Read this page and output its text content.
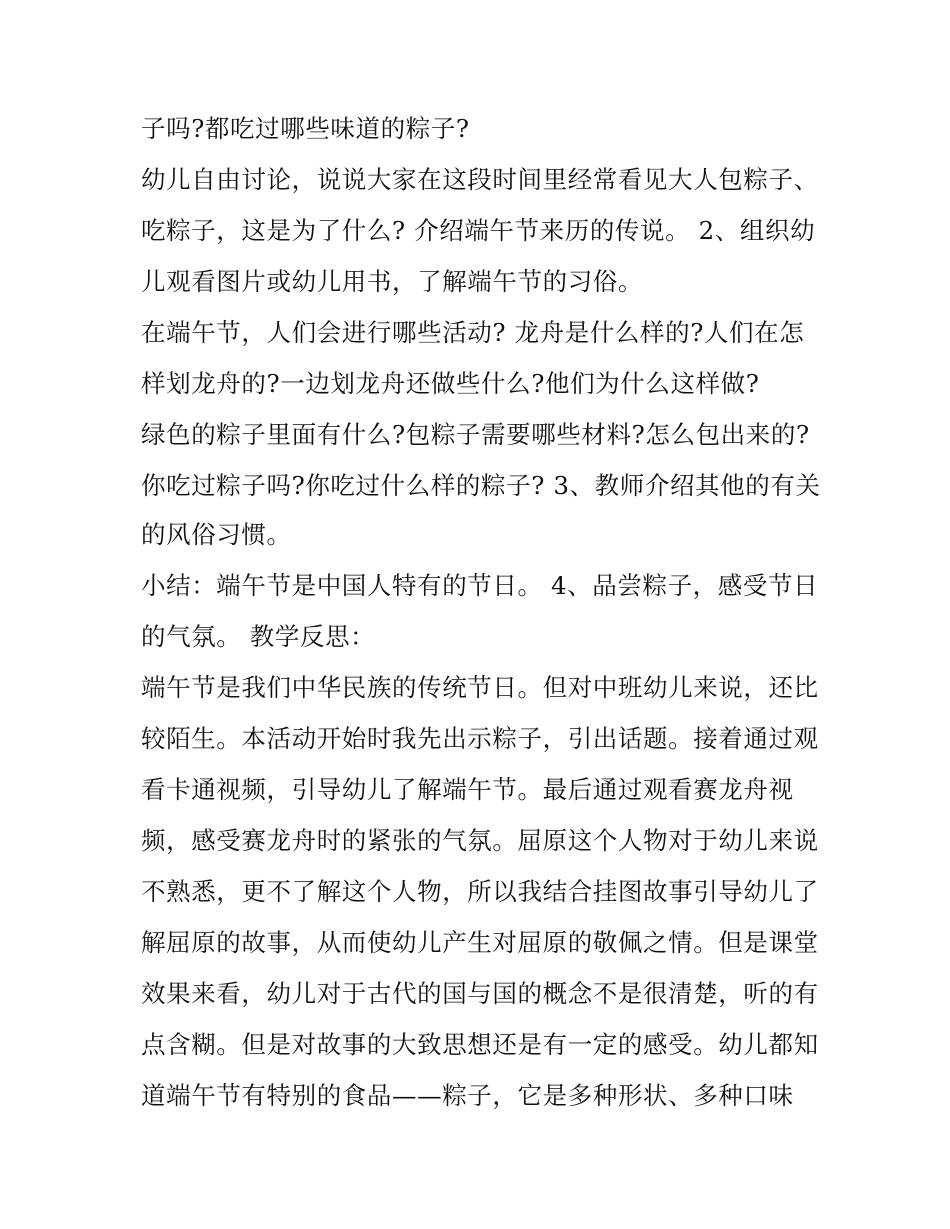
子吗?都吃过哪些味道的粽子?
幼儿自由讨论，说说大家在这段时间里经常看见大人包粽子、
吃粽子，这是为了什么? 介绍端午节来历的传说。 2、组织幼
儿观看图片或幼儿用书，了解端午节的习俗。
在端午节，人们会进行哪些活动? 龙舟是什么样的?人们在怎
样划龙舟的?一边划龙舟还做些什么?他们为什么这样做?
绿色的粽子里面有什么?包粽子需要哪些材料?怎么包出来的?
你吃过粽子吗?你吃过什么样的粽子? 3、教师介绍其他的有关
的风俗习惯。
小结：端午节是中国人特有的节日。 4、品尝粽子，感受节日
的气氛。 教学反思：
端午节是我们中华民族的传统节日。但对中班幼儿来说，还比
较陌生。本活动开始时我先出示粽子，引出话题。接着通过观
看卡通视频，引导幼儿了解端午节。最后通过观看赛龙舟视
频，感受赛龙舟时的紧张的气氛。屈原这个人物对于幼儿来说
不熟悉，更不了解这个人物，所以我结合挂图故事引导幼儿了
解屈原的故事，从而使幼儿产生对屈原的敬佩之情。但是课堂
效果来看，幼儿对于古代的国与国的概念不是很清楚，听的有
点含糊。但是对故事的大致思想还是有一定的感受。幼儿都知
道端午节有特别的食品——粽子，它是多种形状、多种口味
